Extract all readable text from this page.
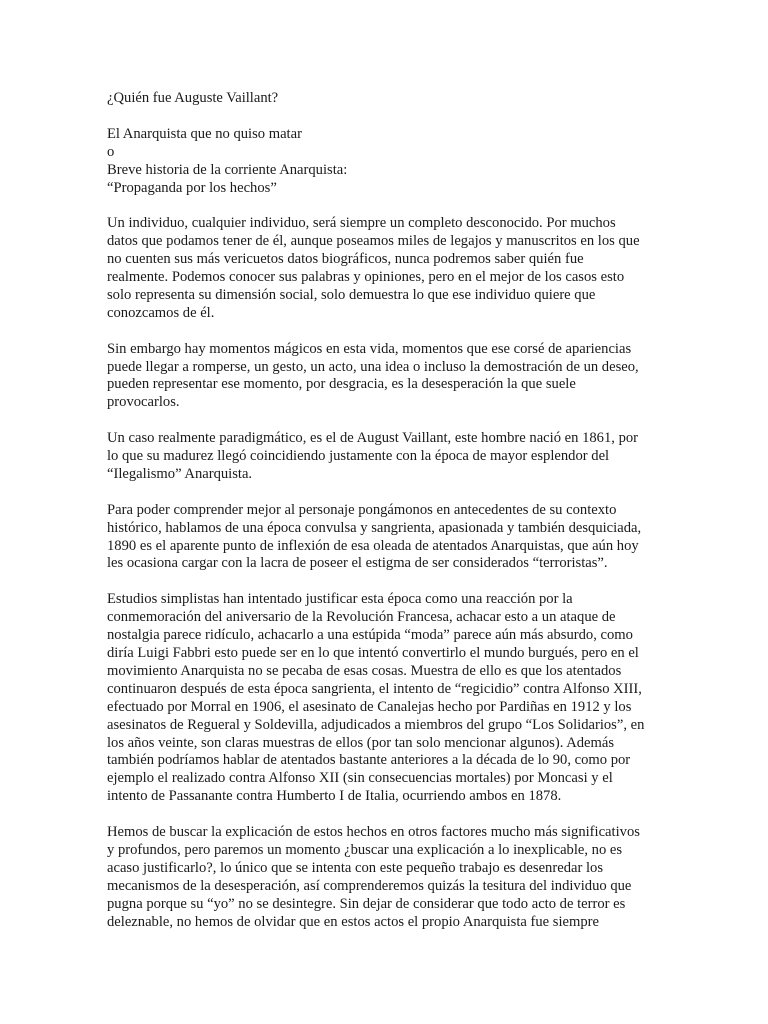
¿Quién fue Auguste Vaillant?

El Anarquista que no quiso matar
o
Breve historia de la corriente Anarquista:
“Propaganda por los hechos”

Un individuo, cualquier individuo, será siempre un completo desconocido. Por muchos
datos que podamos tener de él, aunque poseamos miles de legajos y manuscritos en los que
no cuenten sus más vericuetos datos biográficos, nunca podremos saber quién fue
realmente. Podemos conocer sus palabras y opiniones, pero en el mejor de los casos esto
solo representa su dimensión social, solo demuestra lo que ese individuo quiere que
conozcamos de él.

Sin embargo hay momentos mágicos en esta vida, momentos que ese corsé de apariencias
puede llegar a romperse, un gesto, un acto, una idea o incluso la demostración de un deseo,
pueden representar ese momento, por desgracia, es la desesperación la que suele
provocarlos.

Un caso realmente paradigmático, es el de August Vaillant, este hombre nació en 1861, por
lo que su madurez llegó coincidiendo justamente con la época de mayor esplendor del
“Ilegalismo” Anarquista.

Para poder comprender mejor al personaje pongámonos en antecedentes de su contexto
histórico, hablamos de una época convulsa y sangrienta, apasionada y también desquiciada,
1890 es el aparente punto de inflexión de esa oleada de atentados Anarquistas, que aún hoy
les ocasiona cargar con la lacra de poseer el estigma de ser considerados “terroristas”.

Estudios simplistas han intentado justificar esta época como una reacción por la
conmemoración del aniversario de la Revolución Francesa, achacar esto a un ataque de
nostalgia parece ridículo, achacarlo a una estúpida “moda” parece aún más absurdo, como
diría Luigi Fabbri esto puede ser en lo que intentó convertirlo el mundo burgués, pero en el
movimiento Anarquista no se pecaba de esas cosas. Muestra de ello es que los atentados
continuaron después de esta época sangrienta, el intento de “regicidio” contra Alfonso XIII,
efectuado por Morral en 1906, el asesinato de Canalejas hecho por Pardiñas en 1912 y los
asesinatos de Regueral y Soldevilla, adjudicados a miembros del grupo “Los Solidarios”, en
los años veinte, son claras muestras de ellos (por tan solo mencionar algunos). Además
también podríamos hablar de atentados bastante anteriores a la década de lo 90, como por
ejemplo el realizado contra Alfonso XII (sin consecuencias mortales) por Moncasi y el
intento de Passanante contra Humberto I de Italia, ocurriendo ambos en 1878.

Hemos de buscar la explicación de estos hechos en otros factores mucho más significativos
y profundos, pero paremos un momento ¿buscar una explicación a lo inexplicable, no es
acaso justificarlo?, lo único que se intenta con este pequeño trabajo es desenredar los
mecanismos de la desesperación, así comprenderemos quizás la tesitura del individuo que
pugna porque su “yo” no se desintegre. Sin dejar de considerar que todo acto de terror es
deleznable, no hemos de olvidar que en estos actos el propio Anarquista fue siempre
